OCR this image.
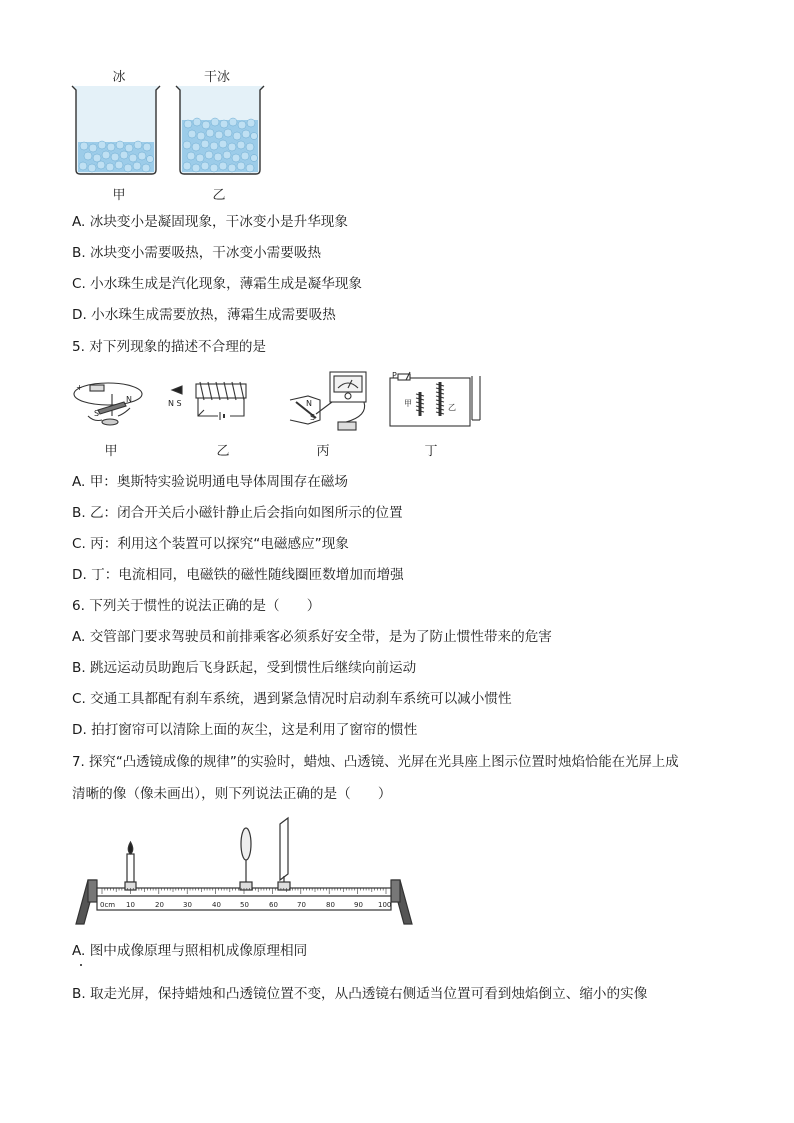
冰	干冰
甲	乙
A. 冰块变小是凝固现象，干冰变小是升华现象
B. 冰块变小需要吸热，干冰变小需要吸热
C. 小水珠生成是汽化现象，薄霜生成是凝华现象
D. 小水珠生成需要放热，薄霜生成需要吸热
5. 对下列现象的描述不合理的是
S
N
+
N S	N
S
P
甲	乙
甲	乙	丙	丁
A. 甲：奥斯特实验说明通电导体周围存在磁场
B. 乙：闭合开关后小磁针静止后会指向如图所示的位置
C. 丙：利用这个装置可以探究“电磁感应”现象
D. 丁：电流相同，电磁铁的磁性随线圈匝数增加而增强
6. 下列关于惯性的说法正确的是（　　）
A. 交管部门要求驾驶员和前排乘客必须系好安全带，是为了防止惯性带来的危害
B. 跳远运动员助跑后飞身跃起，受到惯性后继续向前运动
C. 交通工具都配有刹车系统，遇到紧急情况时启动刹车系统可以减小惯性
D. 拍打窗帘可以清除上面的灰尘，这是利用了窗帘的惯性
7. 探究“凸透镜成像的规律”的实验时，蜡烛、凸透镜、光屏在光具座上图示位置时烛焰恰能在光屏上成
清晰的像（像未画出），则下列说法正确的是（　　）
0cm 10	20	30	40	50	60	70	80	90 100
A. 图中成像原理与照相机成像原理相同
B. 取走光屏，保持蜡烛和凸透镜位置不变，从凸透镜右侧适当位置可看到烛焰倒立、缩小的实像
